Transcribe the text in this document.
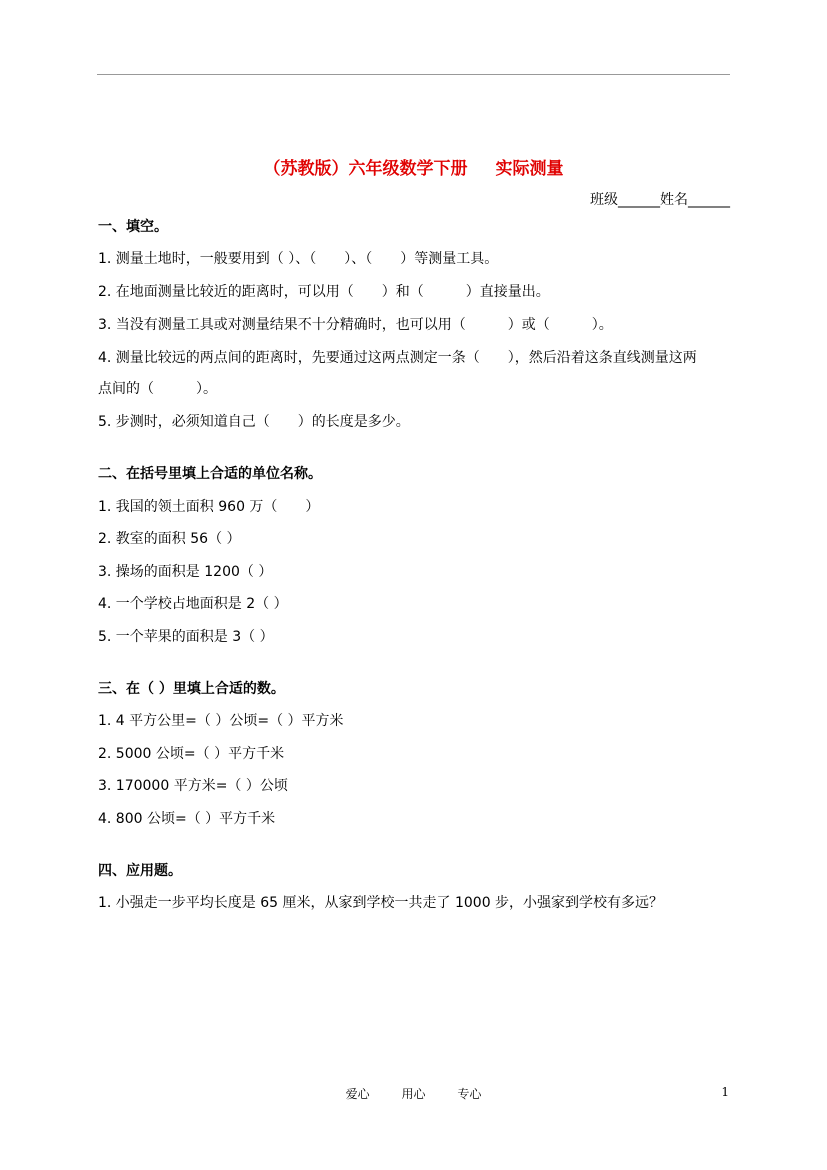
（苏教版）六年级数学下册 实际测量
班级______姓名______
一、填空。
1. 测量土地时，一般要用到（ ）、（　　）、（　　）等测量工具。
2. 在地面测量比较近的距离时，可以用（　　）和（　　　）直接量出。
3. 当没有测量工具或对测量结果不十分精确时，也可以用（　　　）或（　　　）。
4. 测量比较远的两点间的距离时，先要通过这两点测定一条（　　），然后沿着这条直线测量这两
点间的（　　　）。
5. 步测时，必须知道自己（　　）的长度是多少。
二、在括号里填上合适的单位名称。
1. 我国的领土面积 960 万（　　）
2. 教室的面积 56（ ）
3. 操场的面积是 1200（ ）
4. 一个学校占地面积是 2（ ）
5. 一个苹果的面积是 3（ ）
三、在（ ）里填上合适的数。
1. 4 平方公里=（ ）公顷=（ ）平方米
2. 5000 公顷=（ ）平方千米
3. 170000 平方米=（ ）公顷
4. 800 公顷=（ ）平方千米
四、应用题。
1. 小强走一步平均长度是 65 厘米，从家到学校一共走了 1000 步，小强家到学校有多远？
爱心	用心	专心	1
